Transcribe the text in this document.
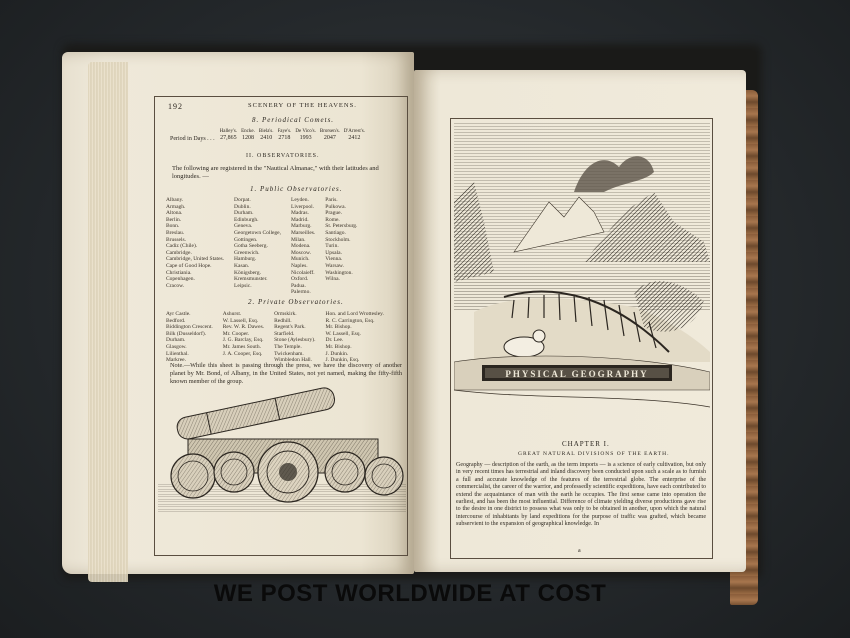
192	SCENERY OF THE HEAVENS.
8. Periodical Comets.
Period in Days . . .
Halley's.
27,865
Encke.
1208
Biela's.
2410
Faye's.
2718
De Vico's.
1993
Brorsen's.
2047
D'Arrest's.
2412
II. OBSERVATORIES.
The following are registered in the "Nautical Almanac," with their latitudes and longitudes. —
1. Public Observatories.
Albany.
Armagh.
Altona.
Berlin.
Bonn.
Breslau.
Brussels.
Cadiz (Chile).
Cambridge.
Cambridge, United States.
Cape of Good Hope.
Christiania.
Copenhagen.
Cracow.
Dorpat.
Dublin.
Durham.
Edinburgh.
Geneva.
Georgetown College,
Gottingen.
Gotha Seeberg.
Greenwich.
Hamburg.
Kasan.
Königsberg.
Kremsmunster.
Leipsic.
Leyden.
Liverpool.
Madras.
Madrid.
Marburg.
Marseilles.
Milan.
Modena.
Moscow.
Munich.
Naples.
Nicolaieff.
Oxford.
Padua.
Palermo.
Paris.
Pulkowa.
Prague.
Rome.
St. Petersburg.
Santiago.
Stockholm.
Turin.
Upsala.
Vienna.
Warsaw.
Washington.
Wilna.
2. Private Observatories.
Ayr Castle.
Bedford.
Biddington Crescent.
Bilk (Dusseldorf).
Durham.
Glasgow.
Lilienthal.
Markree.
Ashurst.
W. Lassell, Esq.
Rev. W. R. Dawes.
Mr. Cooper.
J. G. Barclay, Esq.
Mr. James South.
J. A. Cooper, Esq.
Ormskirk.
Redhill.
Regent's Park.
Starfield.
Stone (Aylesbury).
The Temple.
Twickenham.
Wimbledon Hall.
Hon. and Lord Wrottesley.
R. C. Carrington, Esq.
Mr. Bishop.
W. Lassell, Esq.
Dr. Lee.
Mr. Bishop.
J. Dunkin.
J. Dunkin, Esq.
Note.—While this sheet is passing through the press, we have the discovery of another planet by Mr. Bond, of Albany, in the United States, not yet named, making the fifty-fifth known member of the group.
PHYSICAL GEOGRAPHY
CHAPTER I.
GREAT NATURAL DIVISIONS OF THE EARTH.
Geography — description of the earth, as the term imports — is a science of early cultivation, but only in very recent times has terrestrial and inland discovery been conducted upon such a scale as to furnish a full and accurate knowledge of the features of the terrestrial globe. The enterprise of the commercialist, the career of the warrior, and professedly scientific expeditions, have each contributed to extend the acquaintance of man with the earth he occupies. The first sense came into operation the earliest, and has been the most influential. Difference of climate yielding diverse productions gave rise to the desire in one district to possess what was only to be obtained in another, upon which the natural intercourse of inhabitants by land expeditions for the purpose of traffic was grafted, which became subservient to the expansion of geographical knowledge. In
a
WE POST WORLDWIDE AT COST
